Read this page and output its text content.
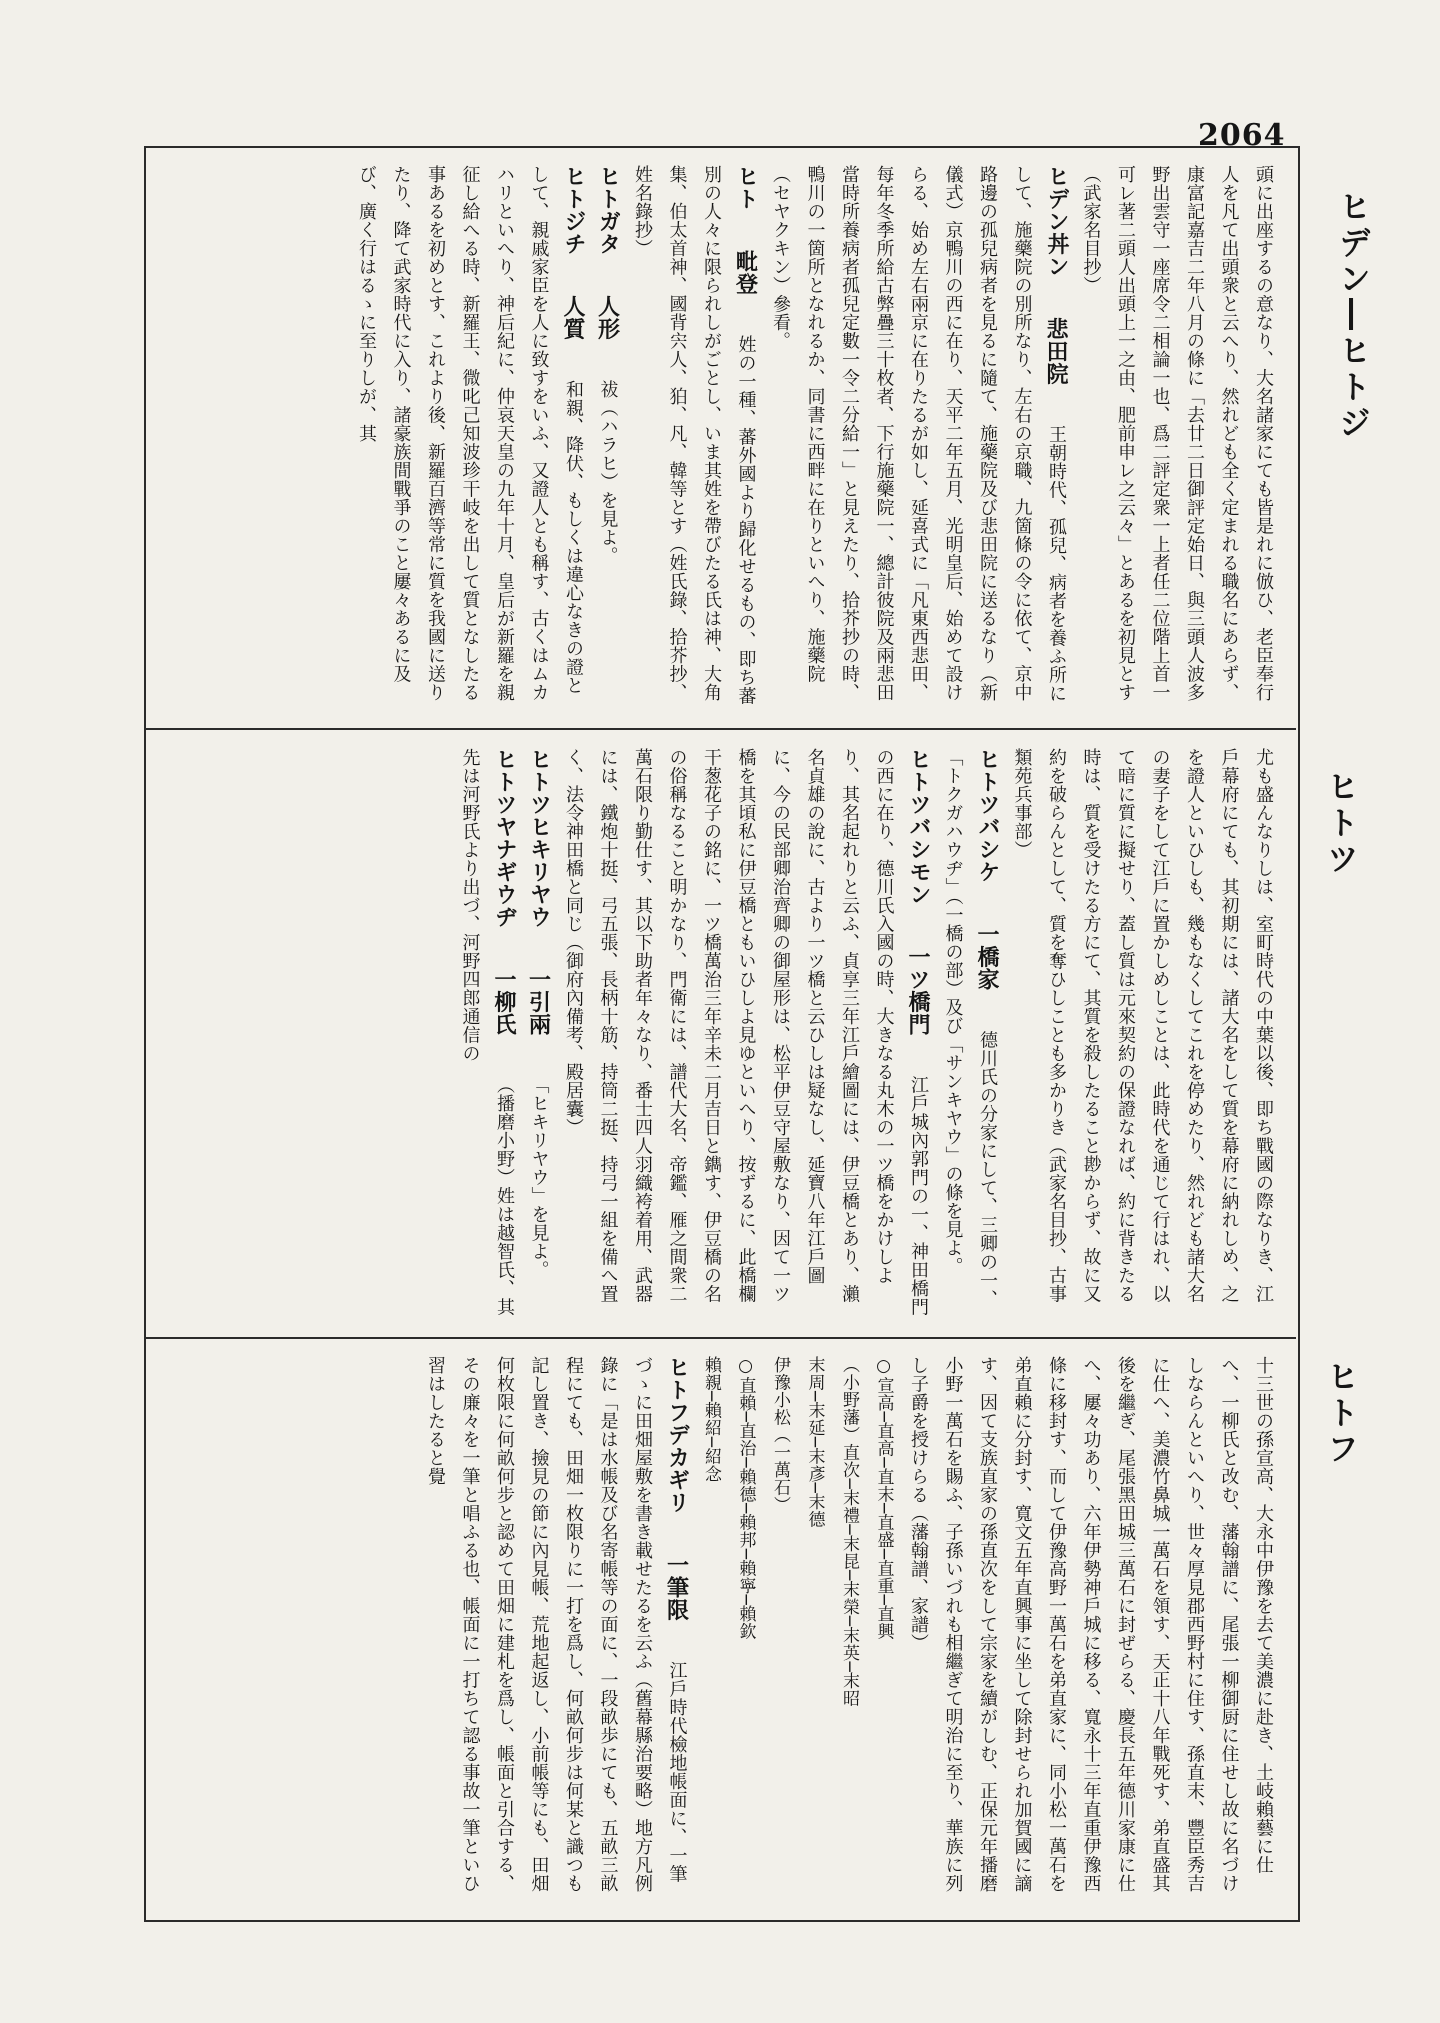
2064
ヒデン―ヒトジ
ヒトツ
ヒトフ

頭に出座するの意なり、大名諸家にても皆是れに倣ひ、老臣奉行人を凡て出頭衆と云へり、然れども全く定まれる職名にあらず、康富記嘉吉二年八月の條に「去廿二日御評定始日、與三頭人波多野出雲守一座席令二相論一也、爲二評定衆一上者任二位階上首一可レ著二頭人出頭上一之由、肥前申レ之云々」とあるを初見とす（武家名目抄）

ヒデン丼ン悲田院王朝時代、孤兒、病者を養ふ所にして、施藥院の別所なり、左右の京職、九箇條の令に依て、京中路邊の孤兒病者を見るに隨て、施藥院及び悲田院に送るなり（新儀式）京鴨川の西に在り、天平二年五月、光明皇后、始めて設けらる、始め左右兩京に在りたるが如し、延喜式に「凡東西悲田、每年冬季所給古弊疊三十枚者、下行施藥院一、總計彼院及兩悲田當時所養病者孤兒定數一令二分給一」と見えたり、拾芥抄の時、鴨川の一箇所となれるか、同書に西畔に在りといへり、施藥院（セヤクキン）參看。

ヒト毗登姓の一種、蕃外國より歸化せるもの、即ち蕃別の人々に限られしがごとし、いま其姓を帶びたる氏は神、大角集、伯太首神、國背宍人、狛、凡、韓等とす（姓氏錄、拾芥抄、姓名錄抄）

ヒトガタ人形祓（ハラヒ）を見よ。

ヒトジチ人質和親、降伏、もしくは違心なきの證として、親戚家臣を人に致すをいふ、又證人とも稱す、古くはムカハリといへり、神后紀に、仲哀天皇の九年十月、皇后が新羅を親征し給へる時、新羅王、微叱己知波珍干岐を出して質となしたる事あるを初めとす、これより後、新羅百濟等常に質を我國に送りたり、降て武家時代に入り、諸豪族間戰爭のこと屢々あるに及び、廣く行はるゝに至りしが、其

尤も盛んなりしは、室町時代の中葉以後、即ち戰國の際なりき、江戶幕府にても、其初期には、諸大名をして質を幕府に納れしめ、之を證人といひしも、幾もなくしてこれを停めたり、然れども諸大名の妻子をして江戶に置かしめしことは、此時代を通じて行はれ、以て暗に質に擬せり、蓋し質は元來契約の保證なれば、約に背きたる時は、質を受けたる方にて、其質を殺したること尠からず、故に又約を破らんとして、質を奪ひしことも多かりき（武家名目抄、古事類苑兵事部）

ヒトツバシケ一橋家德川氏の分家にして、三卿の一、「トクガハウヂ」（一橋の部）及び「サンキヤウ」の條を見よ。

ヒトツバシモン一ツ橋門江戶城內郭門の一、神田橋門の西に在り、德川氏入國の時、大きなる丸木の一ツ橋をかけしより、其名起れりと云ふ、貞享三年江戶繪圖には、伊豆橋とあり、瀨名貞雄の說に、古より一ツ橋と云ひしは疑なし、延寶八年江戶圖に、今の民部卿治齊卿の御屋形は、松平伊豆守屋敷なり、因て一ツ橋を其頃私に伊豆橋ともいひしよ見ゆといへり、按ずるに、此橋欄干葱花子の銘に、一ツ橋萬治三年辛未二月吉日と鐫す、伊豆橋の名の俗稱なること明かなり、門衛には、譜代大名、帝鑑、雁之間衆二萬石限り勤仕す、其以下助者年々なり、番士四人羽織袴着用、武器には、鐵炮十挺、弓五張、長柄十筋、持筒二挺、持弓一組を備へ置く、法令神田橋と同じ（御府內備考、殿居囊）

ヒトツヒキリヤウ一引兩「ヒキリヤウ」を見よ。

ヒトツヤナギウヂ一柳氏（播磨小野）姓は越智氏、其先は河野氏より出づ、河野四郎通信の

十三世の孫宣高、大永中伊豫を去て美濃に赴き、土岐賴藝に仕へ、一柳氏と改む、藩翰譜に、尾張一柳御厨に住せし故に名づけしならんといへり、世々厚見郡西野村に住す、孫直末、豐臣秀吉に仕へ、美濃竹鼻城一萬石を領す、天正十八年戰死す、弟直盛其後を繼ぎ、尾張黑田城三萬石に封ぜらる、慶長五年德川家康に仕へ、屢々功あり、六年伊勢神戶城に移る、寬永十三年直重伊豫西條に移封す、而して伊豫高野一萬石を弟直家に、同小松一萬石を弟直賴に分封す、寬文五年直興事に坐して除封せられ加賀國に謫す、因て支族直家の孫直次をして宗家を續がしむ、正保元年播磨小野一萬石を賜ふ、子孫いづれも相繼ぎて明治に至り、華族に列し子爵を授けらる（藩翰譜、家譜）

○宣高─直高─直末─直盛─直重─直興

（小野藩）直次─末禮─末昆─末榮─末英─末昭

末周─末延─末彥─末德

伊豫小松（一萬石）

○直賴─直治─賴德─賴邦─賴寧─賴欽

賴親─賴紹─紹念

ヒトフデカギリ一筆限江戶時代檢地帳面に、一筆づゝに田畑屋敷を書き載せたるを云ふ（舊幕縣治要略）地方凡例錄に「是は水帳及び名寄帳等の面に、一段畝歩にても、五畝三畝程にても、田畑一枚限りに一打を爲し、何畝何步は何某と識つも記し置き、撿見の節に內見帳、荒地起返し、小前帳等にも、田畑何枚限に何畝何步と認めて田畑に建札を爲し、帳面と引合する、その廉々を一筆と唱ふる也、帳面に一打ちて認る事故一筆といひ習はしたると覺
